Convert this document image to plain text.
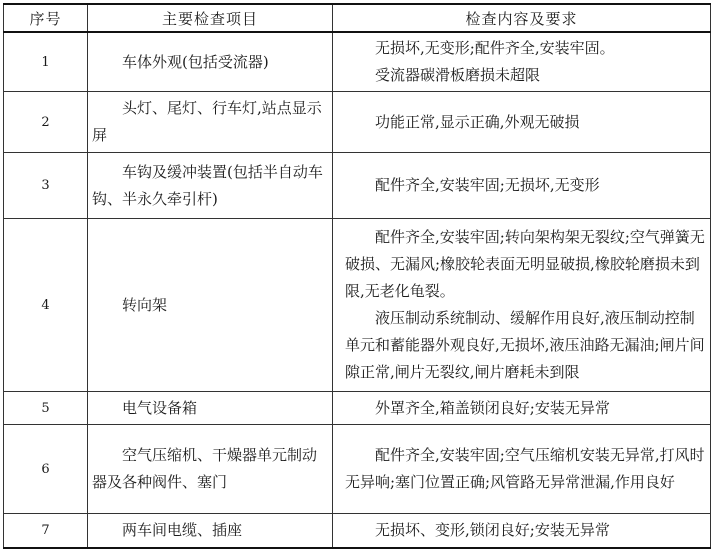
序号	主要检查项目	检查内容及要求
1	车体外观(包括受流器)	无损坏,无变形;配件齐全,安装牢固。

受流器碳滑板磨损未超限

2	头灯、尾灯、行车灯,站点显示屏	功能正常,显示正确,外观无破损

3	车钩及缓冲装置(包括半自动车钩、半永久牵引杆)	配件齐全,安装牢固;无损坏,无变形

4	转向架	配件齐全,安装牢固;转向架构架无裂纹;空气弹簧无破损、无漏风;橡胶轮表面无明显破损,橡胶轮磨损未到限,无老化龟裂。

液压制动系统制动、缓解作用良好,液压制动控制单元和蓄能器外观良好,无损坏,液压油路无漏油;闸片间隙正常,闸片无裂纹,闸片磨耗未到限

5	电气设备箱	外罩齐全,箱盖锁闭良好;安装无异常

6	空气压缩机、干燥器单元制动器及各种阀件、塞门	配件齐全,安装牢固;空气压缩机安装无异常,打风时无异响;塞门位置正确;风管路无异常泄漏,作用良好

7	两车间电缆、插座	无损坏、变形,锁闭良好;安装无异常
